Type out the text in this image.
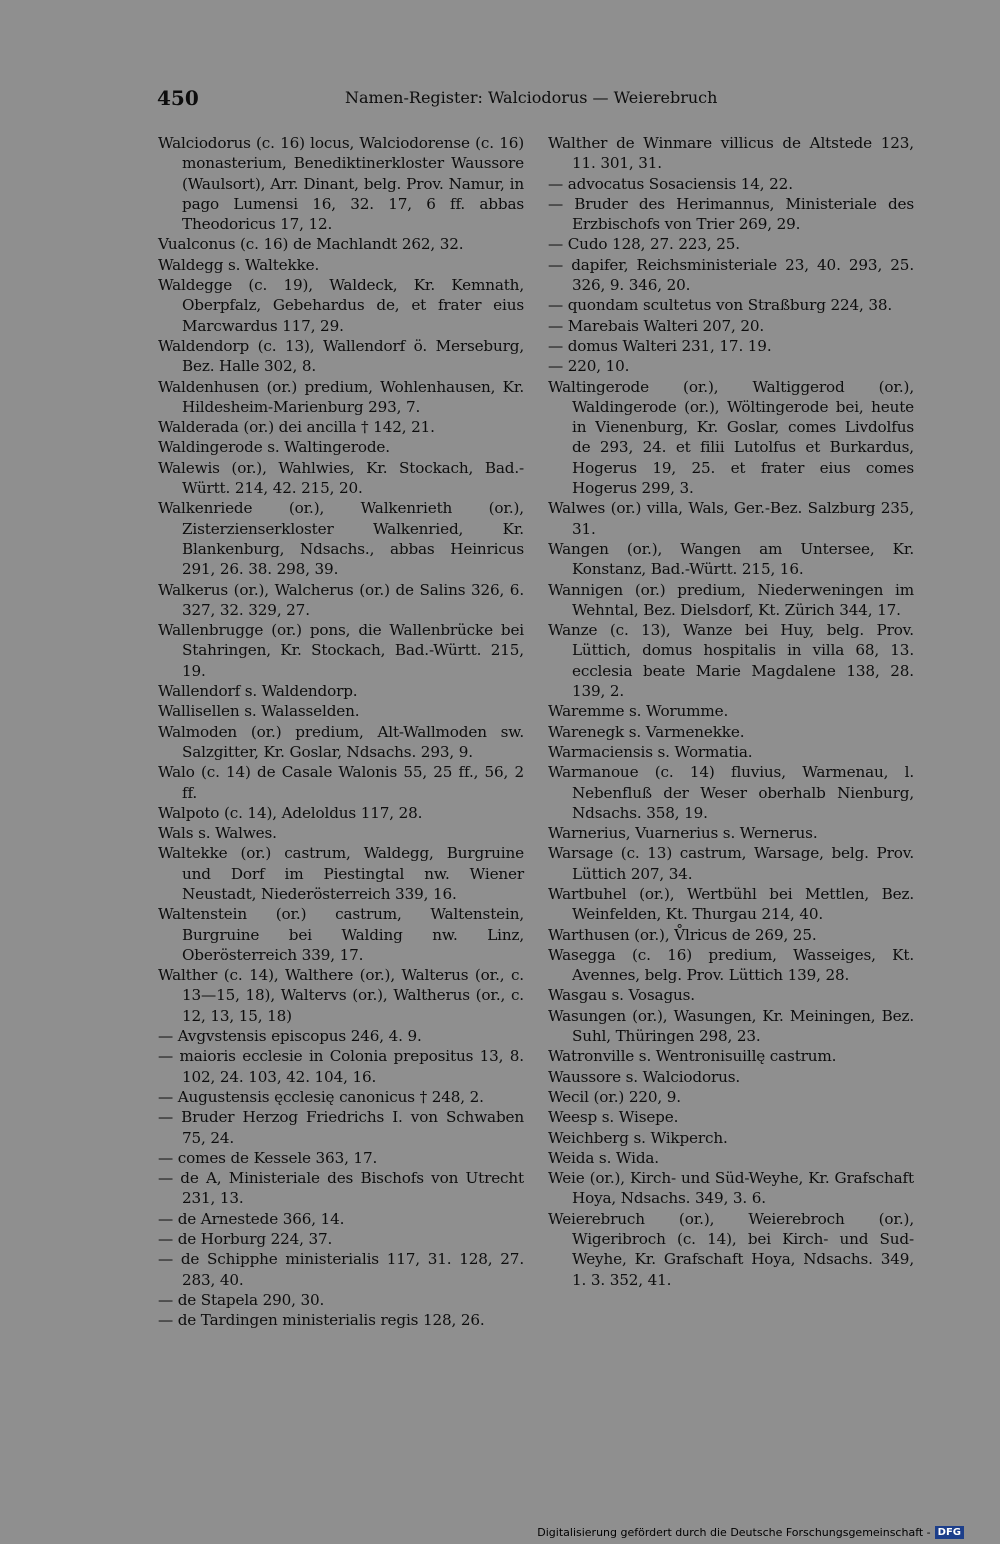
450	Namen-Register: Walciodorus — Weierebruch

Walciodorus (c. 16) locus, Walciodorense (c. 16) monasterium, Benediktinerkloster Waussore (Waulsort), Arr. Dinant, belg. Prov. Namur, in pago Lumensi 16, 32. 17, 6 ff. abbas Theodoricus 17, 12.

Vualconus (c. 16) de Machlandt 262, 32.

Waldegg s. Waltekke.

Waldegge (c. 19), Waldeck, Kr. Kemnath, Oberpfalz, Gebehardus de, et frater eius Marcwardus 117, 29.

Waldendorp (c. 13), Wallendorf ö. Merseburg, Bez. Halle 302, 8.

Waldenhusen (or.) predium, Wohlenhausen, Kr. Hildesheim-Marienburg 293, 7.

Walderada (or.) dei ancilla † 142, 21.

Waldingerode s. Waltingerode.

Walewis (or.), Wahlwies, Kr. Stockach, Bad.-Württ. 214, 42. 215, 20.

Walkenriede (or.), Walkenrieth (or.), Zisterzienserkloster Walkenried, Kr. Blankenburg, Ndsachs., abbas Heinricus 291, 26. 38. 298, 39.

Walkerus (or.), Walcherus (or.) de Salins 326, 6. 327, 32. 329, 27.

Wallenbrugge (or.) pons, die Wallenbrücke bei Stahringen, Kr. Stockach, Bad.-Württ. 215, 19.

Wallendorf s. Waldendorp.

Wallisellen s. Walasselden.

Walmoden (or.) predium, Alt-Wallmoden sw. Salzgitter, Kr. Goslar, Ndsachs. 293, 9.

Walo (c. 14) de Casale Walonis 55, 25 ff., 56, 2 ff.

Walpoto (c. 14), Adeloldus 117, 28.

Wals s. Walwes.

Waltekke (or.) castrum, Waldegg, Burgruine und Dorf im Piestingtal nw. Wiener Neustadt, Niederösterreich 339, 16.

Waltenstein (or.) castrum, Waltenstein, Burgruine bei Walding nw. Linz, Oberösterreich 339, 17.

Walther (c. 14), Walthere (or.), Walterus (or., c. 13—15, 18), Waltervs (or.), Waltherus (or., c. 12, 13, 15, 18)

— Avgvstensis episcopus 246, 4. 9.

— maioris ecclesie in Colonia prepositus 13, 8. 102, 24. 103, 42. 104, 16.

— Augustensis ęcclesię canonicus † 248, 2.

— Bruder Herzog Friedrichs I. von Schwaben 75, 24.

— comes de Kessele 363, 17.

— de A, Ministeriale des Bischofs von Utrecht 231, 13.

— de Arnestede 366, 14.

— de Horburg 224, 37.

— de Schipphe ministerialis 117, 31. 128, 27. 283, 40.

— de Stapela 290, 30.

— de Tardingen ministerialis regis 128, 26.

Walther de Winmare villicus de Altstede 123, 11. 301, 31.

— advocatus Sosaciensis 14, 22.

— Bruder des Herimannus, Ministeriale des Erzbischofs von Trier 269, 29.

— Cudo 128, 27. 223, 25.

— dapifer, Reichsministeriale 23, 40. 293, 25. 326, 9. 346, 20.

— quondam scultetus von Straßburg 224, 38.

— Marebais Walteri 207, 20.

— domus Walteri 231, 17. 19.

— 220, 10.

Waltingerode (or.), Waltiggerod (or.), Waldingerode (or.), Wöltingerode bei, heute in Vienenburg, Kr. Goslar, comes Livdolfus de 293, 24. et filii Lutolfus et Burkardus, Hogerus 19, 25. et frater eius comes Hogerus 299, 3.

Walwes (or.) villa, Wals, Ger.-Bez. Salzburg 235, 31.

Wangen (or.), Wangen am Untersee, Kr. Konstanz, Bad.-Württ. 215, 16.

Wannigen (or.) predium, Niederweningen im Wehntal, Bez. Dielsdorf, Kt. Zürich 344, 17.

Wanze (c. 13), Wanze bei Huy, belg. Prov. Lüttich, domus hospitalis in villa 68, 13. ecclesia beate Marie Magdalene 138, 28. 139, 2.

Waremme s. Worumme.

Warenegk s. Varmenekke.

Warmaciensis s. Wormatia.

Warmanoue (c. 14) fluvius, Warmenau, l. Nebenfluß der Weser oberhalb Nienburg, Ndsachs. 358, 19.

Warnerius, Vuarnerius s. Wernerus.

Warsage (c. 13) castrum, Warsage, belg. Prov. Lüttich 207, 34.

Wartbuhel (or.), Wertbühl bei Mettlen, Bez. Weinfelden, Kt. Thurgau 214, 40.

Warthusen (or.), V̊lricus de 269, 25.

Wasegga (c. 16) predium, Wasseiges, Kt. Avennes, belg. Prov. Lüttich 139, 28.

Wasgau s. Vosagus.

Wasungen (or.), Wasungen, Kr. Meiningen, Bez. Suhl, Thüringen 298, 23.

Watronville s. Wentronisuillę castrum.

Waussore s. Walciodorus.

Wecil (or.) 220, 9.

Weesp s. Wisepe.

Weichberg s. Wikperch.

Weida s. Wida.

Weie (or.), Kirch- und Süd-Weyhe, Kr. Grafschaft Hoya, Ndsachs. 349, 3. 6.

Weierebruch (or.), Weierebroch (or.), Wigeribroch (c. 14), bei Kirch- und Sud-Weyhe, Kr. Grafschaft Hoya, Ndsachs. 349, 1. 3. 352, 41.

Digitalisierung gefördert durch die Deutsche Forschungsgemeinschaft - DFG
